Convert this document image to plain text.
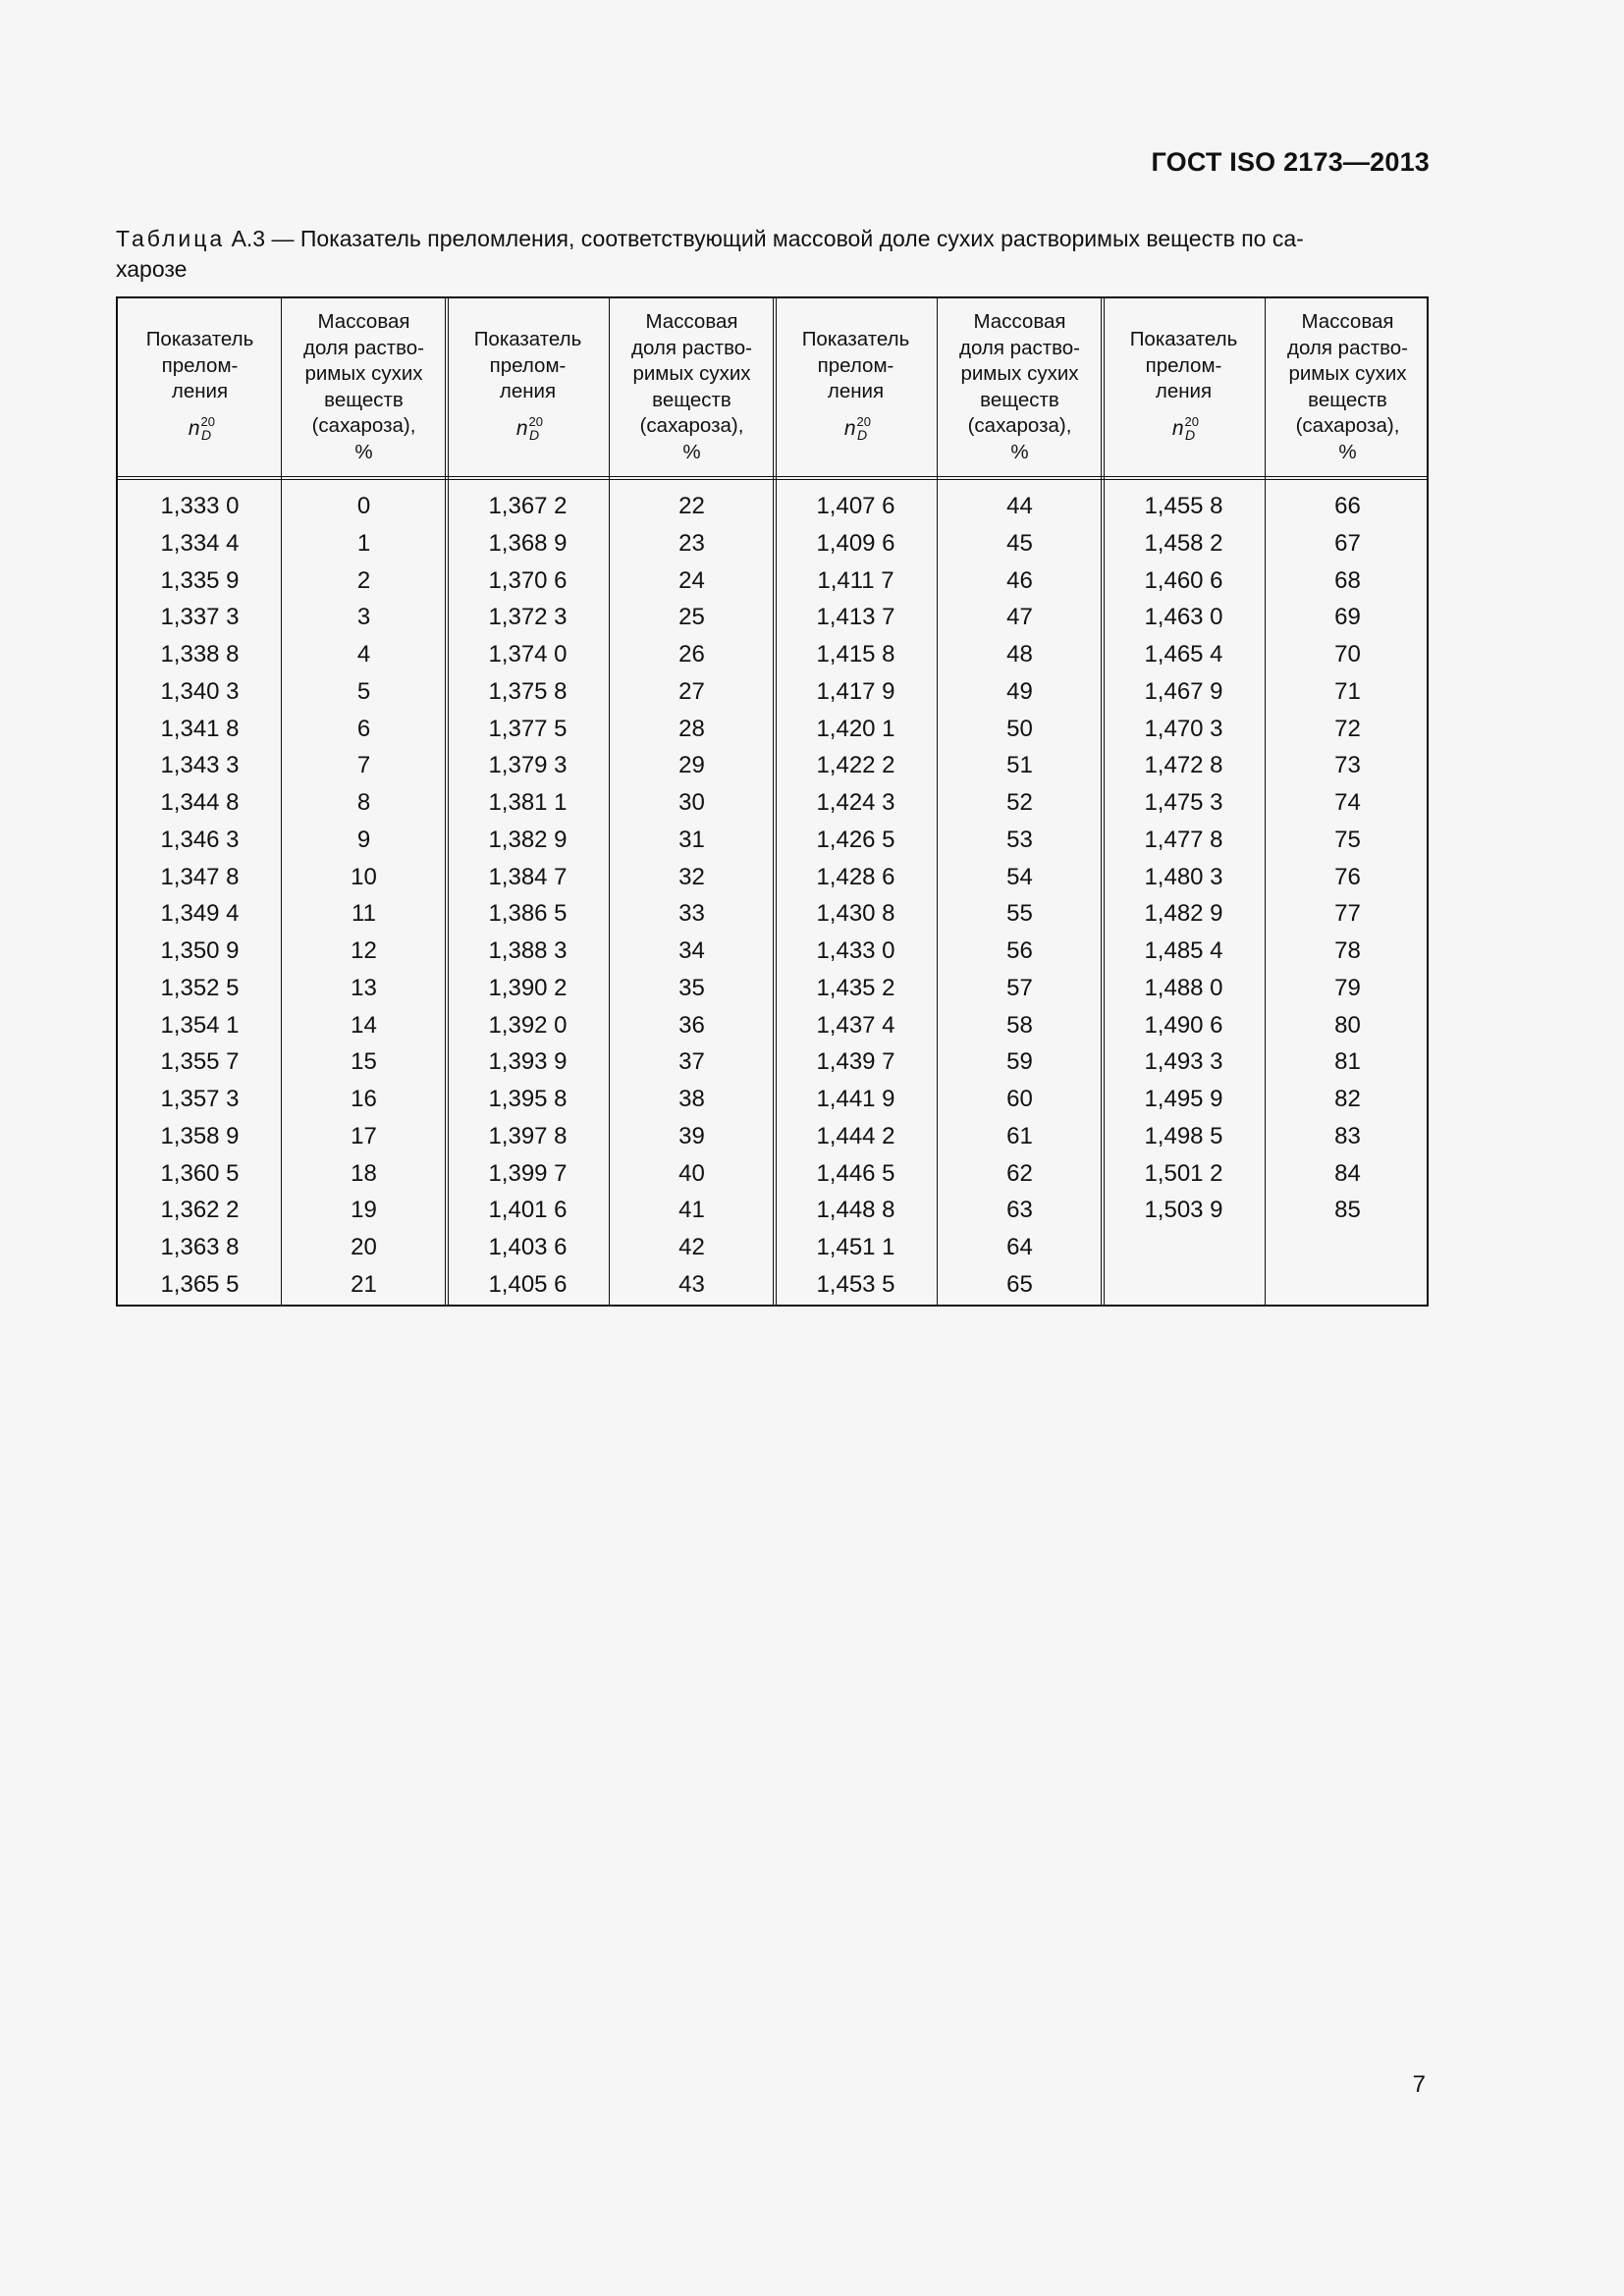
ГОСТ ISO 2173—2013
Таблица А.3 — Показатель преломления, соответствующий массовой доле сухих растворимых веществ по са-
харозе
Показатель
прелом-
ления
$n^{20}_D$
1,333 0
1,334 4
1,335 9
1,337 3
1,338 8
1,340 3
1,341 8
1,343 3
1,344 8
1,346 3
1,347 8
1,349 4
1,350 9
1,352 5
1,354 1
1,355 7
1,357 3
1,358 9
1,360 5
1,362 2
1,363 8
1,365 5
Массовая
доля раство-
римых сухих
веществ
(сахароза),
%
0
1
2
3
4
5
6
7
8
9
10
11
12
13
14
15
16
17
18
19
20
21
Показатель
прелом-
ления
$n^{20}_D$
1,367 2
1,368 9
1,370 6
1,372 3
1,374 0
1,375 8
1,377 5
1,379 3
1,381 1
1,382 9
1,384 7
1,386 5
1,388 3
1,390 2
1,392 0
1,393 9
1,395 8
1,397 8
1,399 7
1,401 6
1,403 6
1,405 6
Массовая
доля раство-
римых сухих
веществ
(сахароза),
%
22
23
24
25
26
27
28
29
30
31
32
33
34
35
36
37
38
39
40
41
42
43
Показатель
прелом-
ления
$n^{20}_D$
1,407 6
1,409 6
1,411 7
1,413 7
1,415 8
1,417 9
1,420 1
1,422 2
1,424 3
1,426 5
1,428 6
1,430 8
1,433 0
1,435 2
1,437 4
1,439 7
1,441 9
1,444 2
1,446 5
1,448 8
1,451 1
1,453 5
Массовая
доля раство-
римых сухих
веществ
(сахароза),
%
44
45
46
47
48
49
50
51
52
53
54
55
56
57
58
59
60
61
62
63
64
65
Показатель
прелом-
ления
$n^{20}_D$
1,455 8
1,458 2
1,460 6
1,463 0
1,465 4
1,467 9
1,470 3
1,472 8
1,475 3
1,477 8
1,480 3
1,482 9
1,485 4
1,488 0
1,490 6
1,493 3
1,495 9
1,498 5
1,501 2
1,503 9
Массовая
доля раство-
римых сухих
веществ
(сахароза),
%
66
67
68
69
70
71
72
73
74
75
76
77
78
79
80
81
82
83
84
85
7
